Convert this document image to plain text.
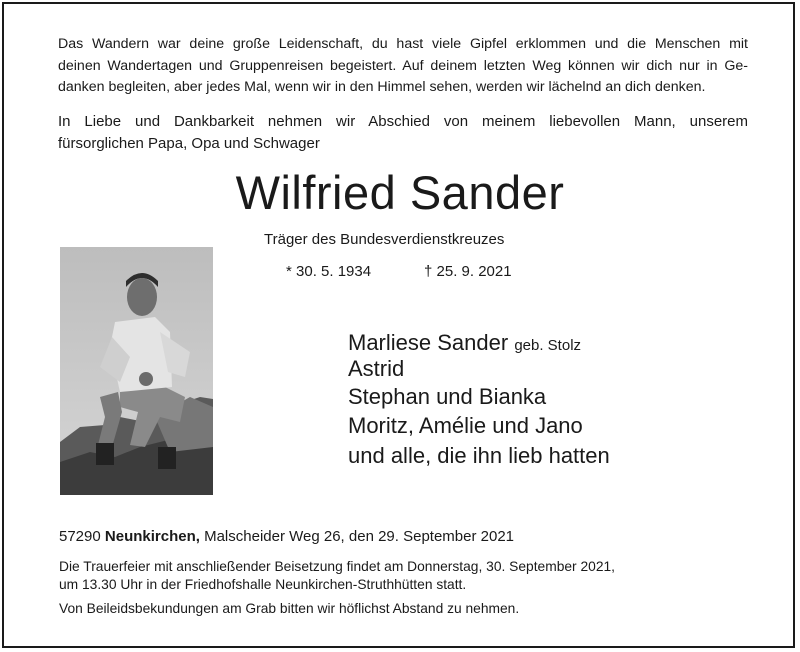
Das Wandern war deine große Leidenschaft, du hast viele Gipfel erklommen und die Menschen mit
deinen Wandertagen und Gruppenreisen begeistert. Auf deinem letzten Weg können wir dich nur in Ge-
danken begleiten, aber jedes Mal, wenn wir in den Himmel sehen, werden wir lächelnd an dich denken.
In Liebe und Dankbarkeit nehmen wir Abschied von meinem liebevollen Mann, unserem
fürsorglichen Papa, Opa und Schwager
Wilfried Sander
Träger des Bundesverdienstkreuzes
* 30. 5. 1934	† 25. 9. 2021
Marliese Sander geb. Stolz
Astrid
Stephan und Bianka
Moritz, Amélie und Jano
und alle, die ihn lieb hatten
57290 Neunkirchen, Malscheider Weg 26, den 29. September 2021
Die Trauerfeier mit anschließender Beisetzung findet am Donnerstag, 30. September 2021,
um 13.30 Uhr in der Friedhofshalle Neunkirchen-Struthhütten statt.
Von Beileidsbekundungen am Grab bitten wir höflichst Abstand zu nehmen.
